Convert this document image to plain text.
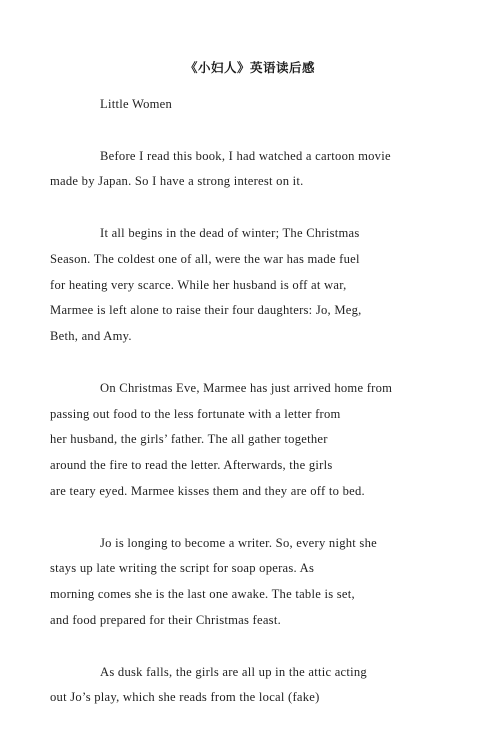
《小妇人》英语读后感

Little Women

Before I read this book, I had watched a cartoon movie
made by Japan. So I have a strong interest on it.

It all begins in the dead of winter; The Christmas
Season. The coldest one of all, were the war has made fuel
for heating very scarce. While her husband is off at war,
Marmee is left alone to raise their four daughters: Jo, Meg,
Beth, and Amy.

On Christmas Eve, Marmee has just arrived home from
passing out food to the less fortunate with a letter from
her husband, the girls’ father. The all gather together
around the fire to read the letter. Afterwards, the girls
are teary eyed. Marmee kisses them and they are off to bed.

Jo is longing to become a writer. So, every night she
stays up late writing the script for soap operas. As
morning comes she is the last one awake. The table is set,
and food prepared for their Christmas feast.

As dusk falls, the girls are all up in the attic acting
out Jo’s play, which she reads from the local (fake)
